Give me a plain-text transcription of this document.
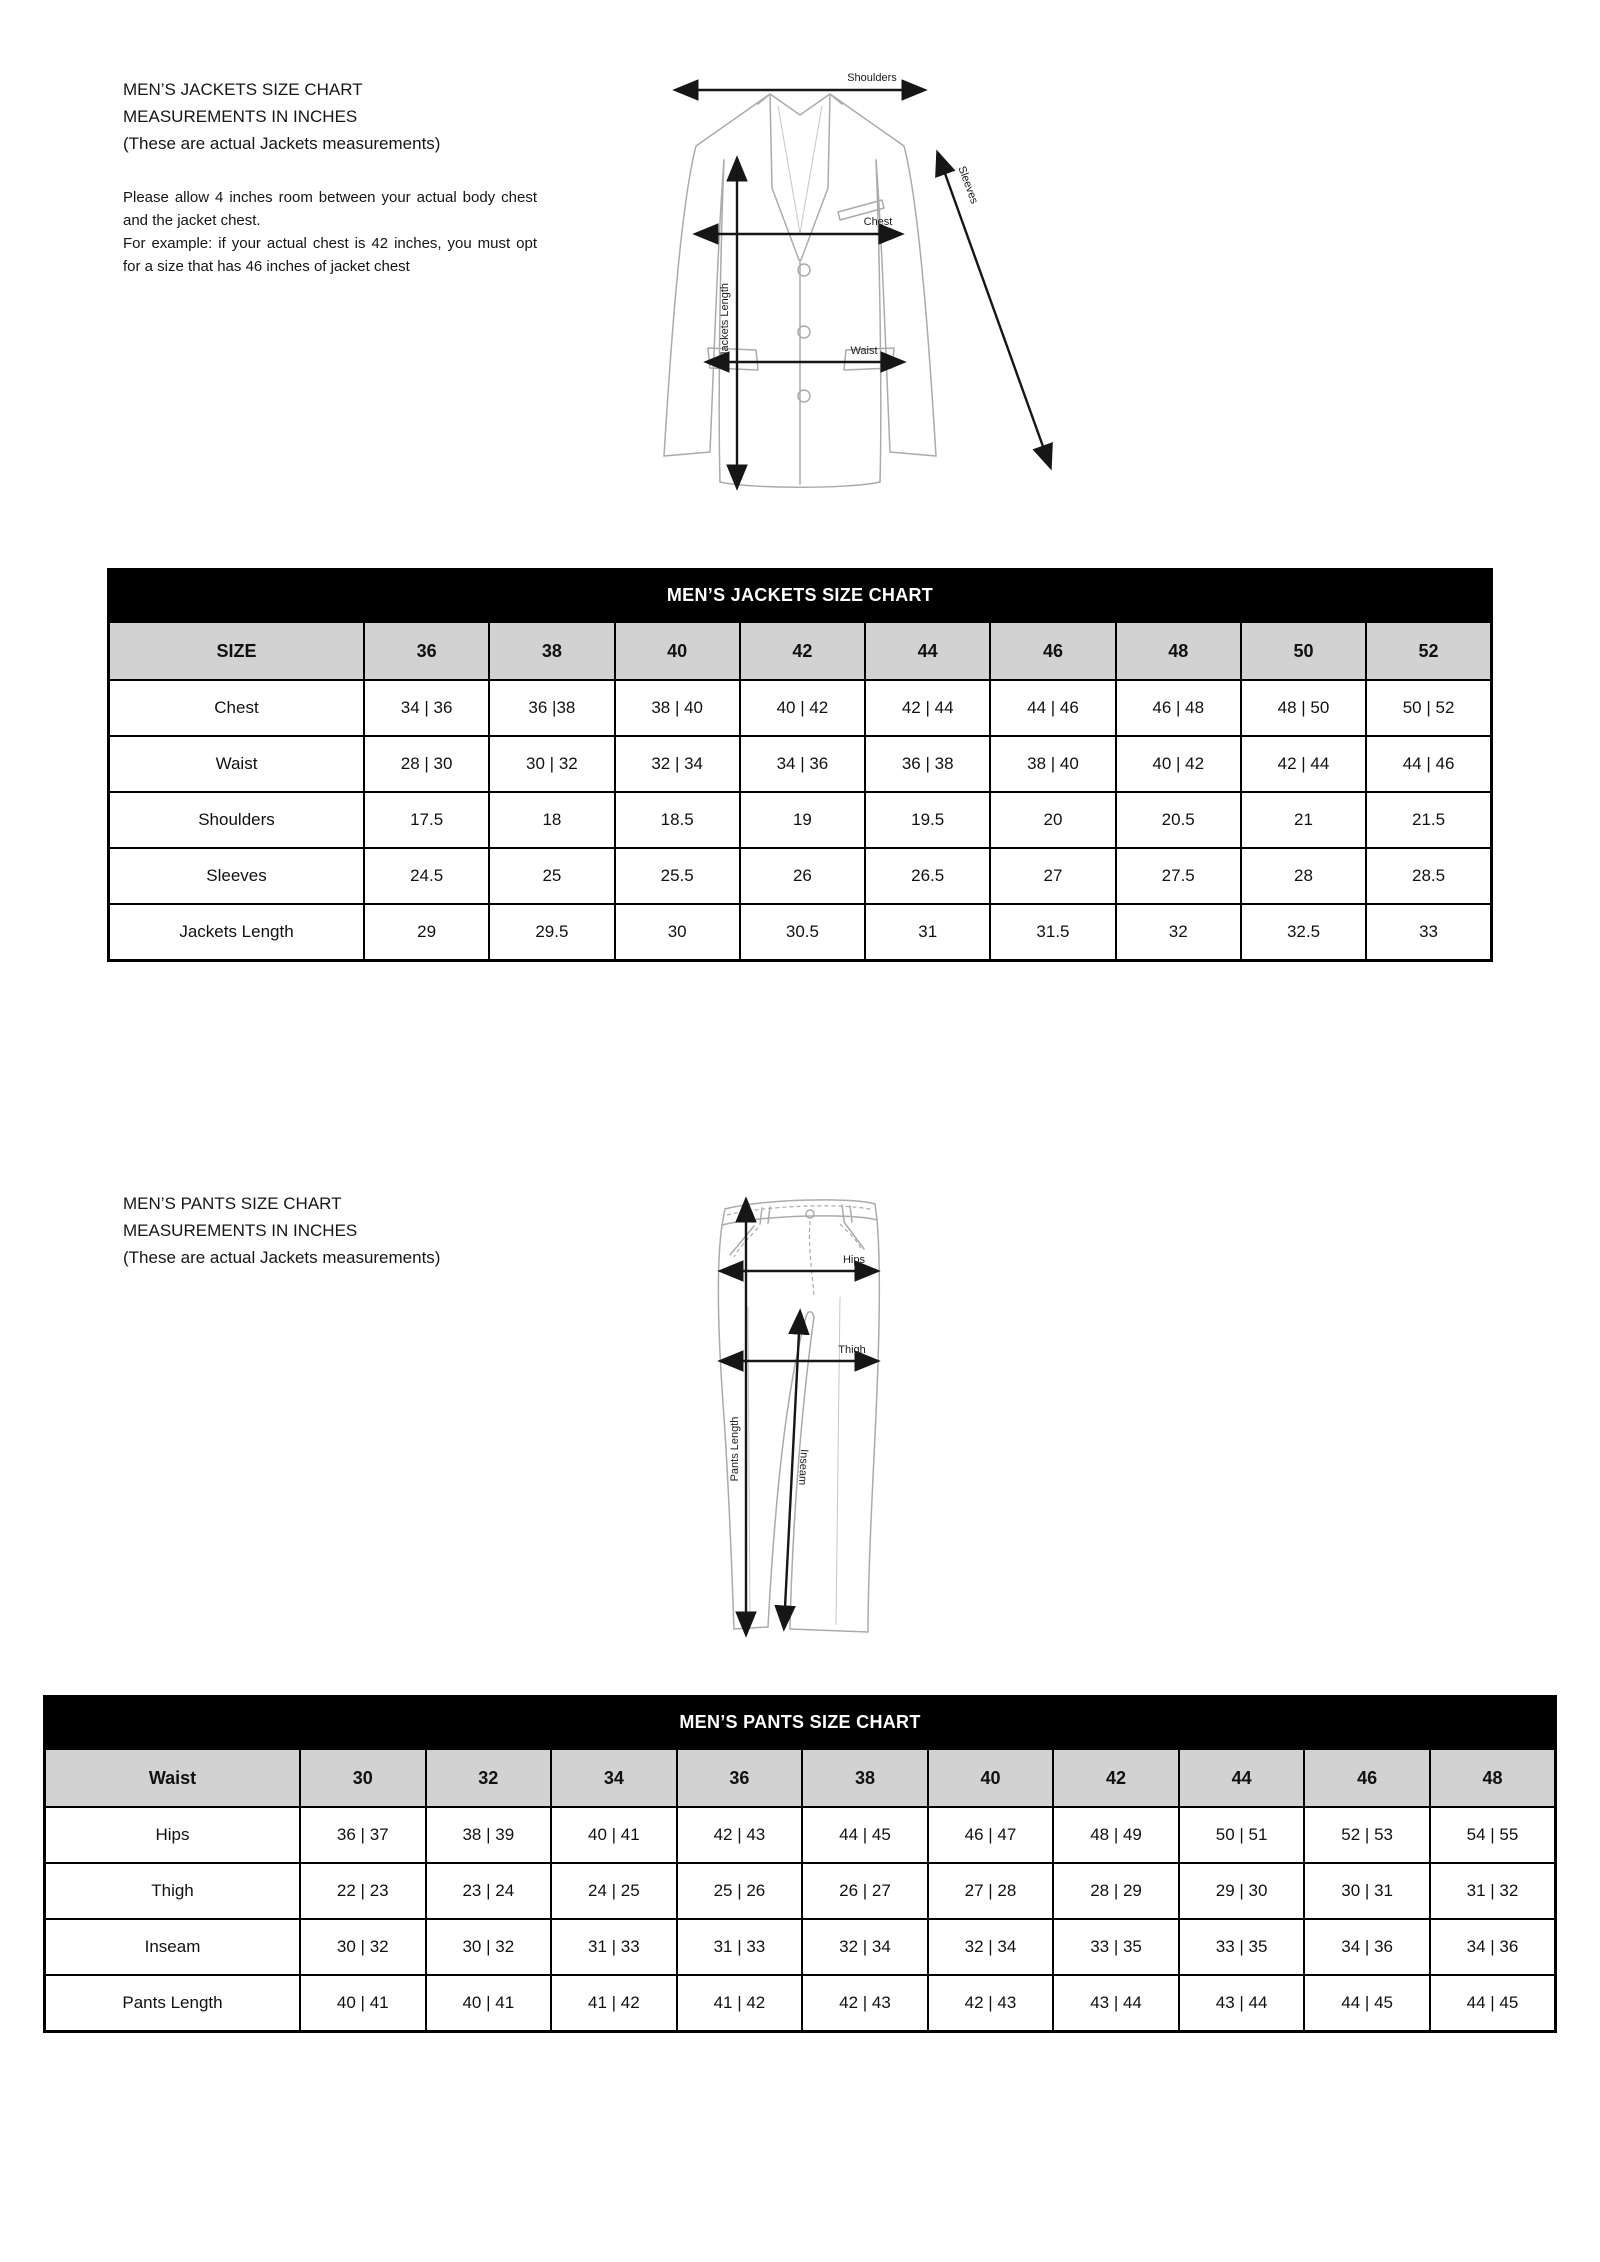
MEN’S JACKETS SIZE CHART
MEASUREMENTS IN INCHES
(These are actual Jackets measurements)

Please allow 4 inches room between your actual body chest and the jacket chest.

For example: if your actual chest is 42 inches, you must opt for a size that has 46 inches of jacket chest

Shoulders
Chest
Waist
Jackets Length
Sleeves
MEN’S JACKETS SIZE CHART
SIZE	36	38	40	42	44	46	48	50	52
Chest	34 | 36	36 |38	38 | 40	40 | 42	42 | 44	44 | 46	46 | 48	48 | 50	50 | 52
Waist	28 | 30	30 | 32	32 | 34	34 | 36	36 | 38	38 | 40	40 | 42	42 | 44	44 | 46
Shoulders	17.5	18	18.5	19	19.5	20	20.5	21	21.5
Sleeves	24.5	25	25.5	26	26.5	27	27.5	28	28.5
Jackets Length	29	29.5	30	30.5	31	31.5	32	32.5	33
MEN’S PANTS SIZE CHART
MEASUREMENTS IN INCHES
(These are actual Jackets measurements)	Hips
Thigh
Pants Length	Inseam
MEN’S PANTS SIZE CHART
Waist	30	32	34	36	38	40	42	44	46	48
Hips	36 | 37	38 | 39	40 | 41	42 | 43	44 | 45	46 | 47	48 | 49	50 | 51	52 | 53	54 | 55
Thigh	22 | 23	23 | 24	24 | 25	25 | 26	26 | 27	27 | 28	28 | 29	29 | 30	30 | 31	31 | 32
Inseam	30 | 32	30 | 32	31 | 33	31 | 33	32 | 34	32 | 34	33 | 35	33 | 35	34 | 36	34 | 36
Pants Length	40 | 41	40 | 41	41 | 42	41 | 42	42 | 43	42 | 43	43 | 44	43 | 44	44 | 45	44 | 45
